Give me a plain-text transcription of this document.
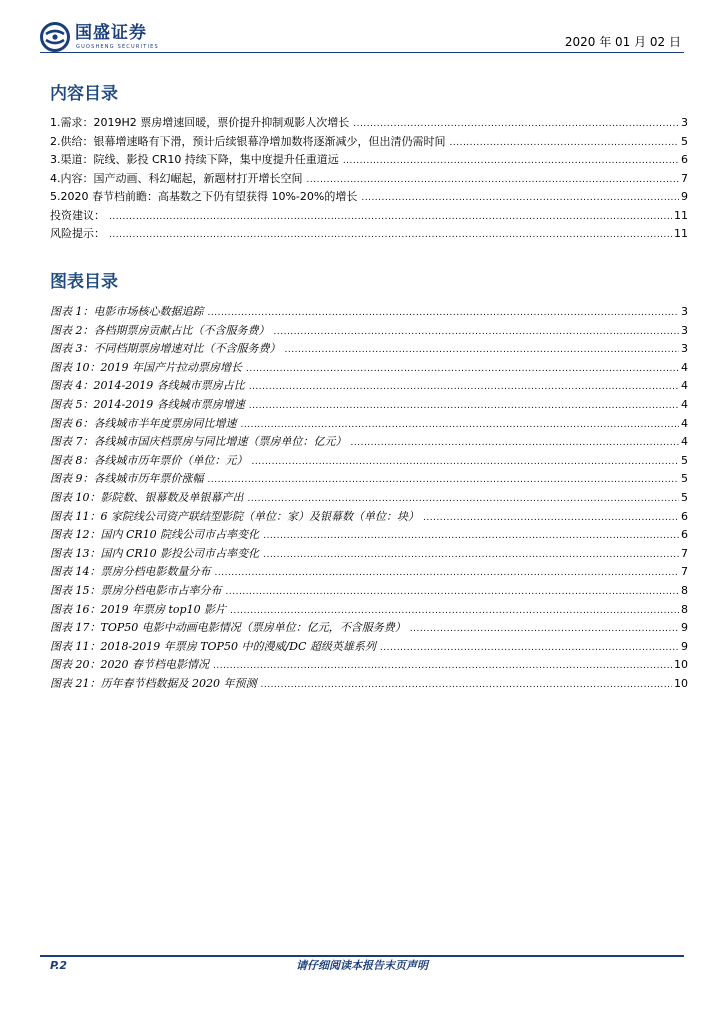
国盛证券
GUOSHENG SECURITIES	2020 年 01 月 02 日
内容目录
1.需求：2019H2 票房增速回暖，票价提升抑制观影人次增长 .....	3
2.供给：银幕增速略有下滑，预计后续银幕净增加数将逐渐减少，但出清仍需时间 .....	5
3.渠道：院线、影投 CR10 持续下降，集中度提升任重道远 .....	6
4.内容：国产动画、科幻崛起，新题材打开增长空间 .....	7
5.2020 春节档前瞻：高基数之下仍有望获得 10%-20%的增长 .....	9
投资建议： .....	11
风险提示： .....	11
图表目录
图表 1：电影市场核心数据追踪 .....	3
图表 2：各档期票房贡献占比（不含服务费） .....	3
图表 3：不同档期票房增速对比（不含服务费） .....	3
图表 10：2019 年国产片拉动票房增长 .....	4
图表 4：2014-2019 各线城市票房占比 .....	4
图表 5：2014-2019 各线城市票房增速 .....	4
图表 6：各线城市半年度票房同比增速 .....	4
图表 7：各线城市国庆档票房与同比增速（票房单位：亿元） .....	4
图表 8：各线城市历年票价（单位：元） .....	5
图表 9：各线城市历年票价涨幅 .....	5
图表 10：影院数、银幕数及单银幕产出 .....	5
图表 11：6 家院线公司资产联结型影院（单位：家）及银幕数（单位：块） .....	6
图表 12：国内 CR10 院线公司市占率变化 .....	6
图表 13：国内 CR10 影投公司市占率变化 .....	7
图表 14：票房分档电影数量分布 .....	7
图表 15：票房分档电影市占率分布 .....	8
图表 16：2019 年票房 top10 影片 .....	8
图表 17：TOP50 电影中动画电影情况（票房单位：亿元，不含服务费） .....	9
图表 11：2018-2019 年票房 TOP50 中的漫威/DC 超级英雄系列 .....	9
图表 20：2020 春节档电影情况 .....	10
图表 21：历年春节档数据及 2020 年预测 .....	10
P.2	请仔细阅读本报告末页声明
